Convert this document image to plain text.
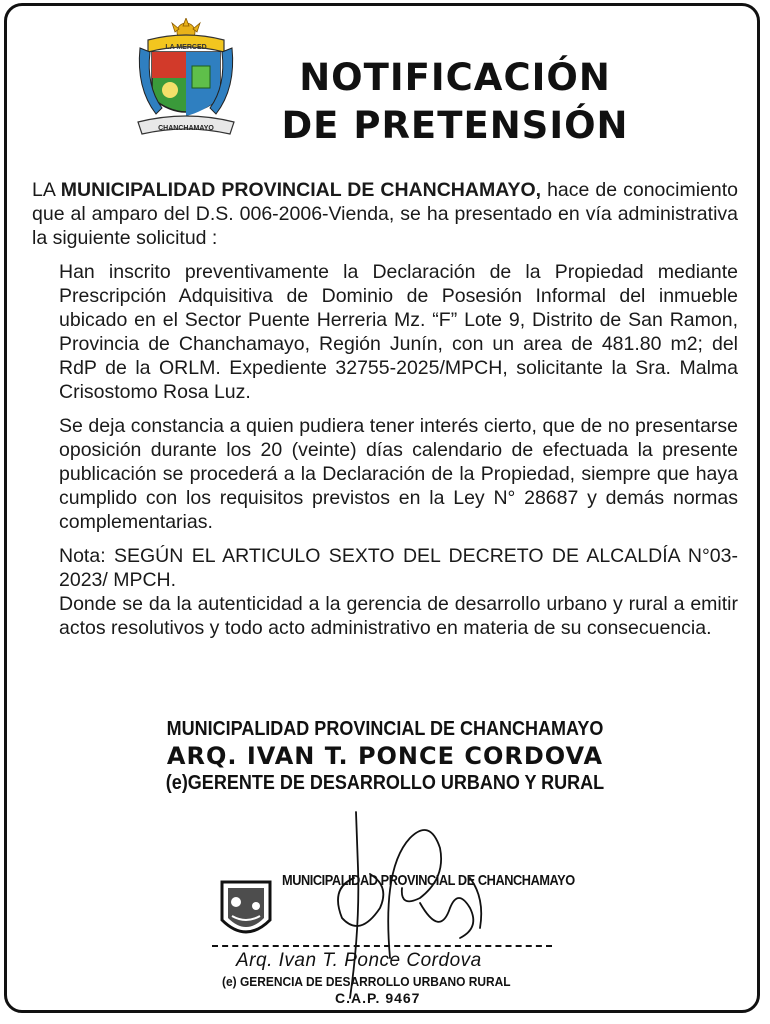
LA MERCED
CHANCHAMAYO
NOTIFICACIÓN
DE PRETENSIÓN

LA MUNICIPALIDAD PROVINCIAL DE CHANCHAMAYO, hace de conocimiento que al amparo del D.S. 006-2006-Vienda, se ha presentado en vía administrativa la siguiente solicitud :

Han inscrito preventivamente la Declaración de la Propiedad mediante Prescripción Adquisitiva de Dominio de Posesión Informal del inmueble ubicado en el Sector Puente Herreria Mz. “F” Lote 9, Distrito de San Ramon, Provincia de Chanchamayo, Región Junín, con un area de 481.80 m2; del RdP de la ORLM. Expediente 32755-2025/MPCH, solicitante la Sra. Malma Crisostomo Rosa Luz.

Se deja constancia a quien pudiera tener interés cierto, que de no presentarse oposición durante los 20 (veinte) días calendario de efectuada la presente publicación se procederá a la Declaración de la Propiedad, siempre que haya cumplido con los requisitos previstos en la Ley N° 28687 y demás normas complementarias.

Nota: SEGÚN EL ARTICULO SEXTO DEL DECRETO DE ALCALDÍA N°03-2023/ MPCH.

Donde se da la autenticidad a la gerencia de desarrollo urbano y rural a emitir actos resolutivos y todo acto administrativo en materia de su consecuencia.

MUNICIPALIDAD PROVINCIAL DE CHANCHAMAYO
ARQ. IVAN T. PONCE CORDOVA
(e)GERENTE DE DESARROLLO URBANO Y RURAL
MUNICIPALIDAD PROVINCIAL DE CHANCHAMAYO
Arq. Ivan T. Ponce Cordova
(e) GERENCIA DE DESARROLLO URBANO RURAL
C.A.P. 9467
